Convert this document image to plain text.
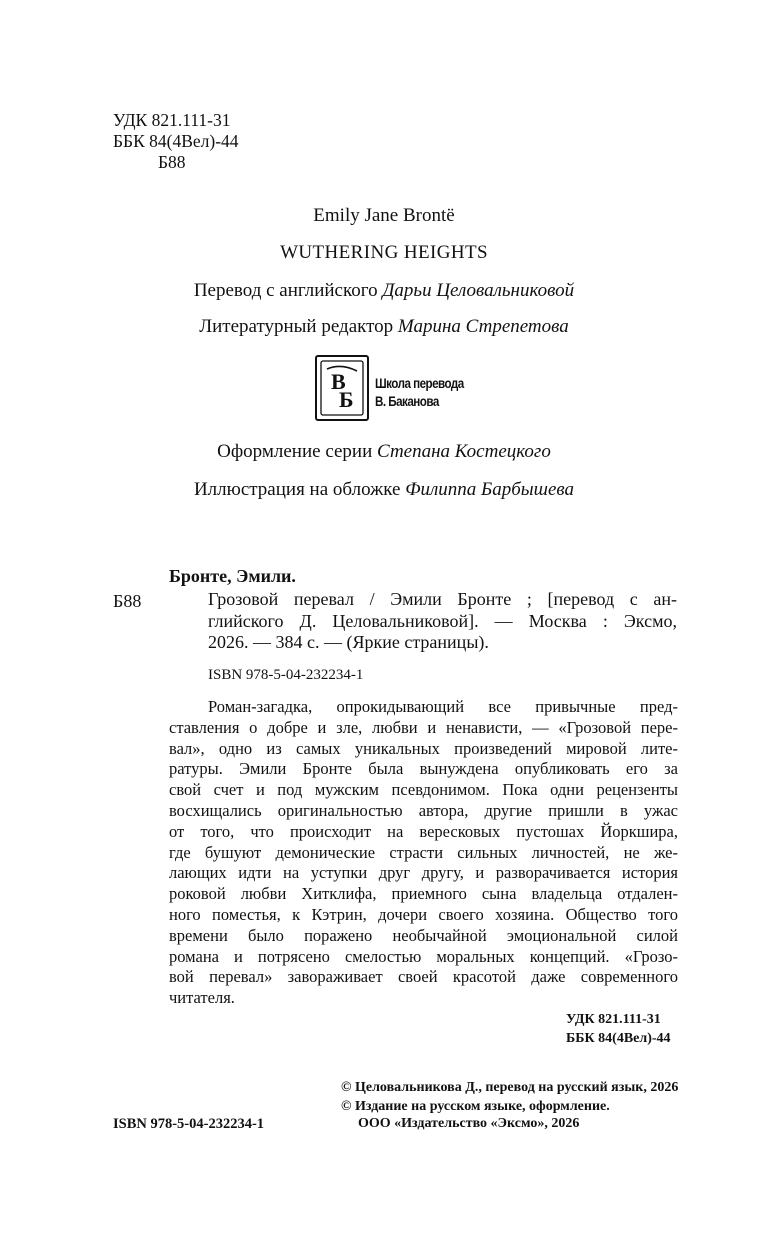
УДК 821.111-31
ББК 84(4Вел)-44
Б88
Emily Jane Brontë
WUTHERING HEIGHTS
Перевод с английского Дарьи Целовальниковой
Литературный редактор Марина Стрепетова
В
Б
Школа перевода
В. Баканова
Оформление серии Степана Костецкого
Иллюстрация на обложке Филиппа Барбышева
Бронте, Эмили.
Б88	Грозовой перевал / Эмили Бронте ; [перевод с ан-
глийского Д. Целовальниковой]. — Москва : Эксмо,
2026. — 384 с. — (Яркие страницы).
ISBN 978-5-04-232234-1
Роман-загадка, опрокидывающий все привычные пред-
ставления о добре и зле, любви и ненависти, — «Грозовой пере-
вал», одно из самых уникальных произведений мировой лите-
ратуры. Эмили Бронте была вынуждена опубликовать его за
свой счет и под мужским псевдонимом. Пока одни рецензенты
восхищались оригинальностью автора, другие пришли в ужас
от того, что происходит на вересковых пустошах Йоркшира,
где бушуют демонические страсти сильных личностей, не же-
лающих идти на уступки друг другу, и разворачивается история
роковой любви Хитклифа, приемного сына владельца отдален-
ного поместья, к Кэтрин, дочери своего хозяина. Общество того
времени было поражено необычайной эмоциональной силой
романа и потрясено смелостью моральных концепций. «Грозо-
вой перевал» завораживает своей красотой даже современного
читателя.
УДК 821.111-31
ББК 84(4Вел)-44
ISBN 978-5-04-232234-1
© Целовальникова Д., перевод на русский язык, 2026
© Издание на русском языке, оформление.
ООО «Издательство «Эксмо», 2026
